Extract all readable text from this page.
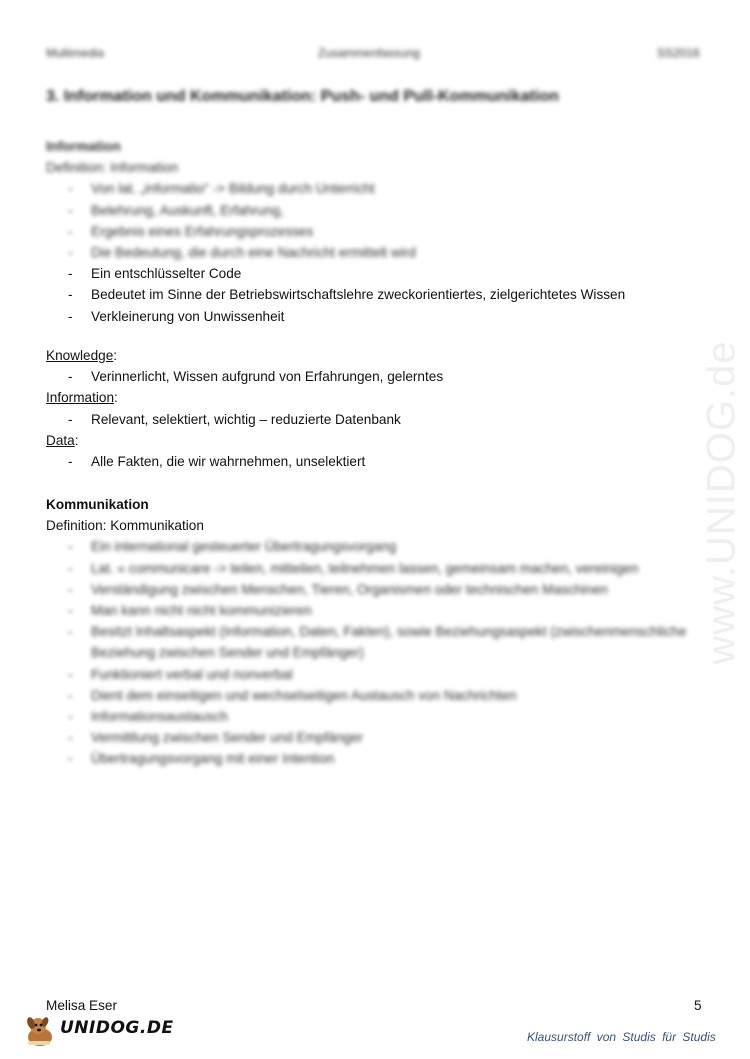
Multimedia	Zusammenfassung	SS2016
3. Information und Kommunikation: Push- und Pull-Kommunikation
Information
Definition: Information
- Von lat. „informatio“ -> Bildung durch Unterricht
- Belehrung, Auskunft, Erfahrung,
- Ergebnis eines Erfahrungsprozesses
- Die Bedeutung, die durch eine Nachricht ermittelt wird
- Ein entschlüsselter Code
- Bedeutet im Sinne der Betriebswirtschaftslehre zweckorientiertes, zielgerichtetes Wissen
- Verkleinerung von Unwissenheit
Knowledge:
- Verinnerlicht, Wissen aufgrund von Erfahrungen, gelerntes
Information:
- Relevant, selektiert, wichtig – reduzierte Datenbank
Data:
- Alle Fakten, die wir wahrnehmen, unselektiert
Kommunikation
Definition: Kommunikation
- Ein international gesteuerter Übertragungsvorgang
- Lat. « communicare -> teilen, mitteilen, teilnehmen lassen, gemeinsam machen, vereinigen
- Verständigung zwischen Menschen, Tieren, Organismen oder technischen Maschinen
- Man kann nicht nicht kommunizieren
- Besitzt Inhaltsaspekt (Information, Daten, Fakten), sowie Beziehungsaspekt (zwischenmenschliche Beziehung zwischen Sender und Empfänger)
- Funktioniert verbal und nonverbal
- Dient dem einseitigen und wechselseitigen Austausch von Nachrichten
- Informationsaustausch
- Vermittlung zwischen Sender und Empfänger
- Übertragungsvorgang mit einer Intention
www.UNIDOG.de
Melisa Eser	5
UNIDOG.DE	Klausurstoff von Studis für Studis
